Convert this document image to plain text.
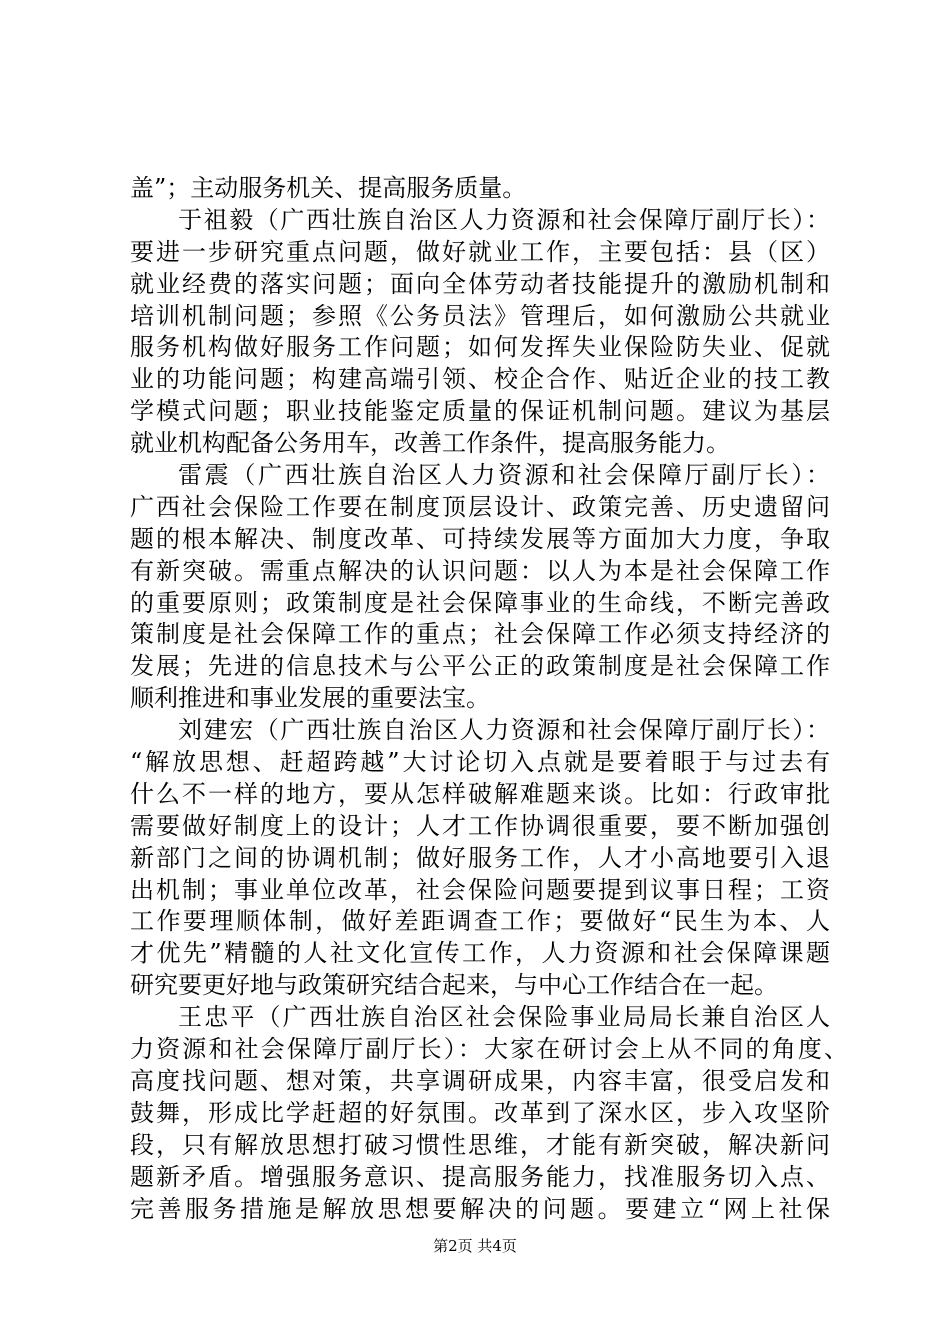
盖”；主动服务机关、提高服务质量。
于祖毅（广西壮族自治区人力资源和社会保障厅副厅长）：
要进一步研究重点问题，做好就业工作，主要包括：县（区）
就业经费的落实问题；面向全体劳动者技能提升的激励机制和
培训机制问题；参照《公务员法》管理后，如何激励公共就业
服务机构做好服务工作问题；如何发挥失业保险防失业、促就
业的功能问题；构建高端引领、校企合作、贴近企业的技工教
学模式问题；职业技能鉴定质量的保证机制问题。建议为基层
就业机构配备公务用车，改善工作条件，提高服务能力。
雷震（广西壮族自治区人力资源和社会保障厅副厅长）：
广西社会保险工作要在制度顶层设计、政策完善、历史遗留问
题的根本解决、制度改革、可持续发展等方面加大力度，争取
有新突破。需重点解决的认识问题：以人为本是社会保障工作
的重要原则；政策制度是社会保障事业的生命线，不断完善政
策制度是社会保障工作的重点；社会保障工作必须支持经济的
发展；先进的信息技术与公平公正的政策制度是社会保障工作
顺利推进和事业发展的重要法宝。
刘建宏（广西壮族自治区人力资源和社会保障厅副厅长）：
“解放思想、赶超跨越”大讨论切入点就是要着眼于与过去有
什么不一样的地方，要从怎样破解难题来谈。比如：行政审批
需要做好制度上的设计；人才工作协调很重要，要不断加强创
新部门之间的协调机制；做好服务工作，人才小高地要引入退
出机制；事业单位改革，社会保险问题要提到议事日程；工资
工作要理顺体制，做好差距调查工作；要做好“民生为本、人
才优先”精髓的人社文化宣传工作，人力资源和社会保障课题
研究要更好地与政策研究结合起来，与中心工作结合在一起。
王忠平（广西壮族自治区社会保险事业局局长兼自治区人
力资源和社会保障厅副厅长）：大家在研讨会上从不同的角度、
高度找问题、想对策，共享调研成果，内容丰富，很受启发和
鼓舞，形成比学赶超的好氛围。改革到了深水区，步入攻坚阶
段，只有解放思想打破习惯性思维，才能有新突破，解决新问
题新矛盾。增强服务意识、提高服务能力，找准服务切入点、
完善服务措施是解放思想要解决的问题。要建立“网上社保
第2页 共4页
